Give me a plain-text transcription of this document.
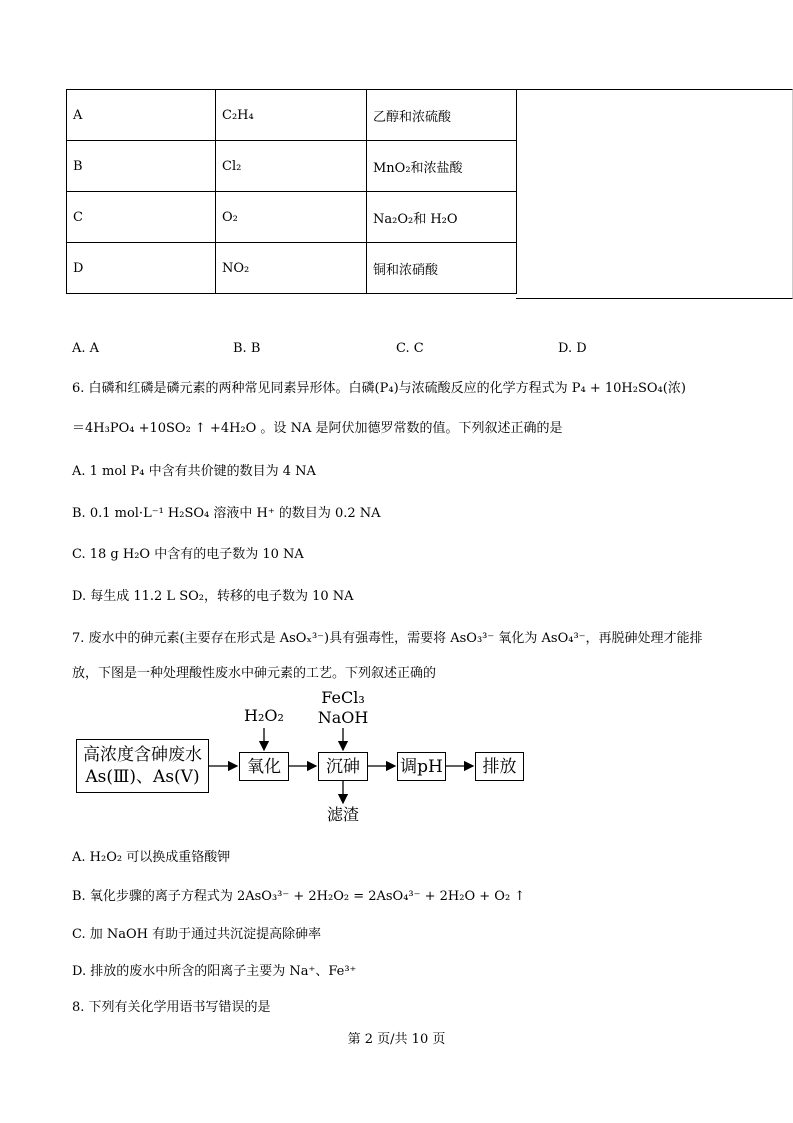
A	C₂H₄	乙醇和浓硫酸
B	Cl₂	MnO₂和浓盐酸
C	O₂	Na₂O₂和 H₂O
D	NO₂	铜和浓硝酸
A. A	B. B	C. C	D. D
6. 白磷和红磷是磷元素的两种常见同素异形体。白磷(P₄)与浓硫酸反应的化学方程式为 P₄ + 10H₂SO₄(浓)
＝4H₃PO₄ +10SO₂ ↑ +4H₂O 。设 NA 是阿伏加德罗常数的值。下列叙述正确的是
A. 1 mol P₄ 中含有共价键的数目为 4 NA
B. 0.1 mol·L⁻¹ H₂SO₄ 溶液中 H⁺ 的数目为 0.2 NA
C. 18 g H₂O 中含有的电子数为 10 NA
D. 每生成 11.2 L SO₂，转移的电子数为 10 NA
7. 废水中的砷元素(主要存在形式是 AsOₓ³⁻)具有强毒性，需要将 AsO₃³⁻ 氧化为 AsO₄³⁻，再脱砷处理才能排
放，下图是一种处理酸性废水中砷元素的工艺。下列叙述正确的
高浓度含砷废水
As(Ⅲ)、As(Ⅴ)
氧化	沉砷	调pH	排放
H₂O₂
FeCl₃
NaOH
滤渣
A. H₂O₂ 可以换成重铬酸钾
B. 氧化步骤的离子方程式为 2AsO₃³⁻ + 2H₂O₂ = 2AsO₄³⁻ + 2H₂O + O₂ ↑
C. 加 NaOH 有助于通过共沉淀提高除砷率
D. 排放的废水中所含的阳离子主要为 Na⁺、Fe³⁺
8. 下列有关化学用语书写错误的是
第 2 页/共 10 页
